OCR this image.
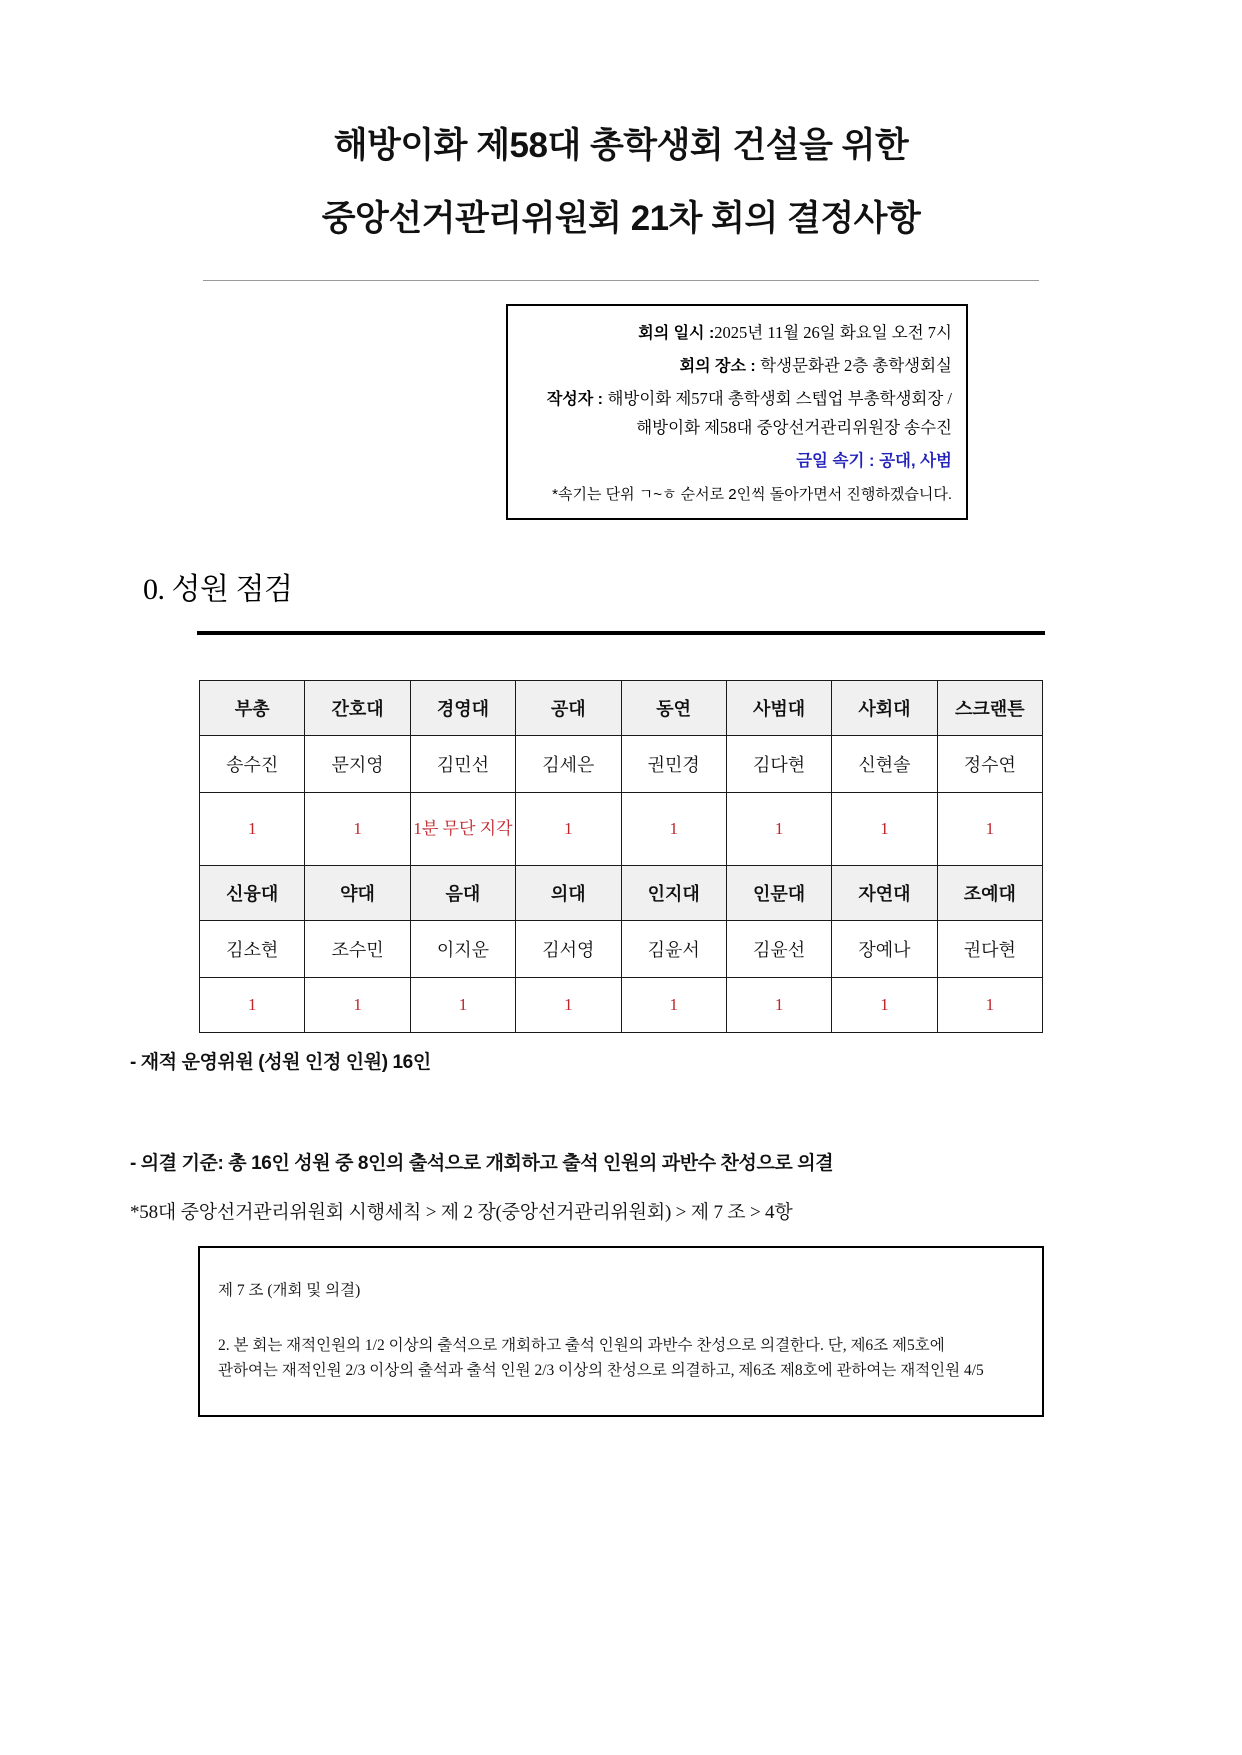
해방이화 제58대 총학생회 건설을 위한
중앙선거관리위원회 21차 회의 결정사항
회의 일시 :2025년 11월 26일 화요일 오전 7시
회의 장소 : 학생문화관 2층 총학생회실
작성자 : 해방이화 제57대 총학생회 스텝업 부총학생회장 /
해방이화 제58대 중앙선거관리위원장 송수진
금일 속기 : 공대, 사범
*속기는 단위 ㄱ~ㅎ 순서로 2인씩 돌아가면서 진행하겠습니다.
0. 성원 점검
부총	간호대	경영대	공대	동연	사범대	사회대	스크랜튼
송수진	문지영	김민선	김세은	권민경	김다현	신현솔	정수연
1	1	1분 무단 지각	1	1	1	1	1
신융대	약대	음대	의대	인지대	인문대	자연대	조예대
김소현	조수민	이지운	김서영	김윤서	김윤선	장예나	권다현
1	1	1	1	1	1	1	1
- 재적 운영위원 (성원 인정 인원) 16인
- 의결 기준: 총 16인 성원 중 8인의 출석으로 개회하고 출석 인원의 과반수 찬성으로 의결
*58대 중앙선거관리위원회 시행세칙 > 제 2 장(중앙선거관리위원회) > 제 7 조 > 4항
제 7 조 (개회 및 의결)
2. 본 회는 재적인원의 1/2 이상의 출석으로 개회하고 출석 인원의 과반수 찬성으로 의결한다. 단, 제6조 제5호에
관하여는 재적인원 2/3 이상의 출석과 출석 인원 2/3 이상의 찬성으로 의결하고, 제6조 제8호에 관하여는 재적인원 4/5
